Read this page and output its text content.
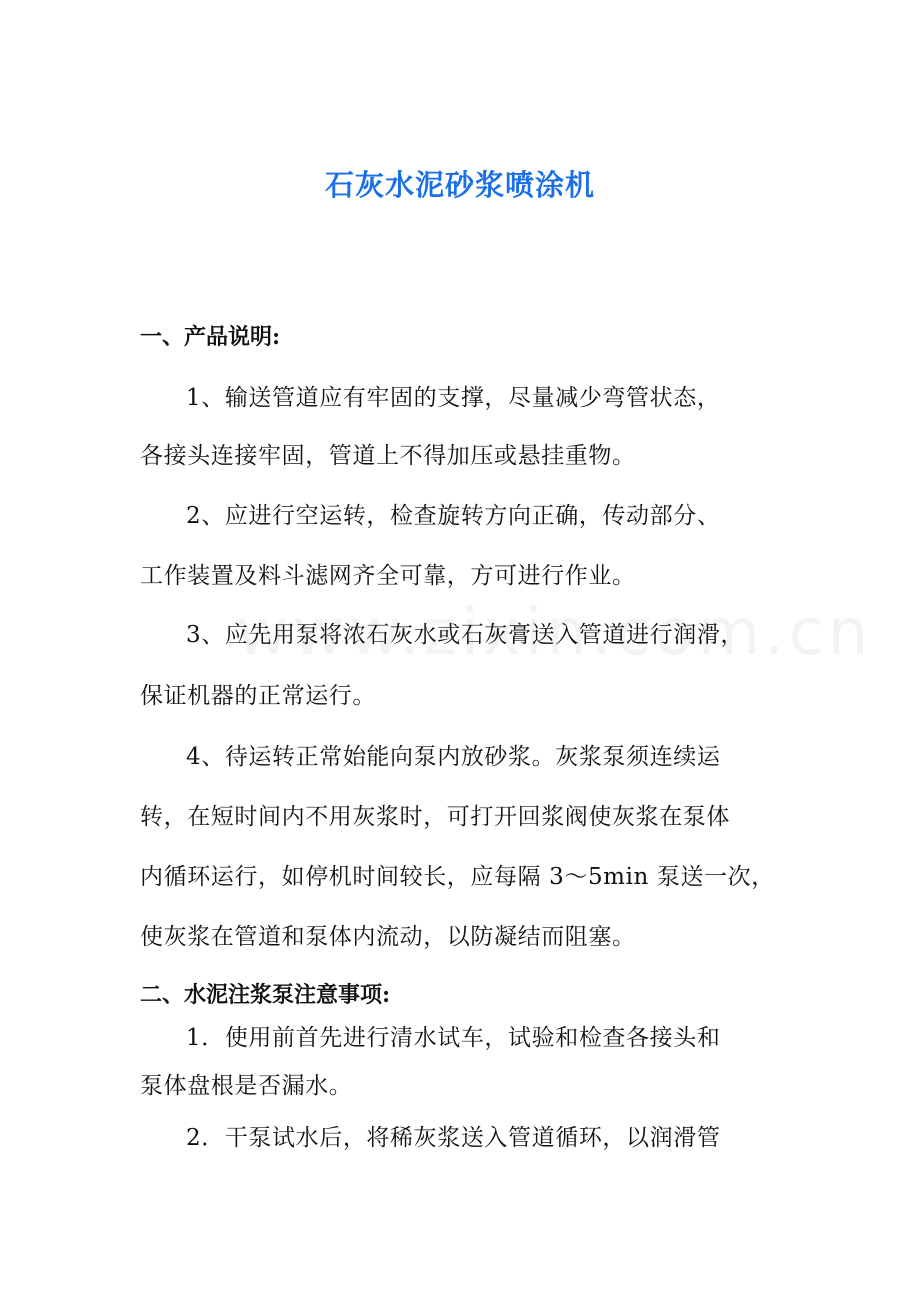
石灰水泥砂浆喷涂机
一、产品说明:
1、输送管道应有牢固的支撑，尽量减少弯管状态，
各接头连接牢固，管道上不得加压或悬挂重物。
2、应进行空运转，检查旋转方向正确，传动部分、
工作装置及料斗滤网齐全可靠，方可进行作业。
3、应先用泵将浓石灰水或石灰膏送入管道进行润滑，
保证机器的正常运行。
4、待运转正常始能向泵内放砂浆。灰浆泵须连续运
转，在短时间内不用灰浆时，可打开回浆阀使灰浆在泵体
内循环运行，如停机时间较长，应每隔 3～5min 泵送一次，
使灰浆在管道和泵体内流动，以防凝结而阻塞。
二、水泥注浆泵注意事项:
1．使用前首先进行清水试车，试验和检查各接头和
泵体盘根是否漏水。
2．干泵试水后，将稀灰浆送入管道循环，以润滑管
